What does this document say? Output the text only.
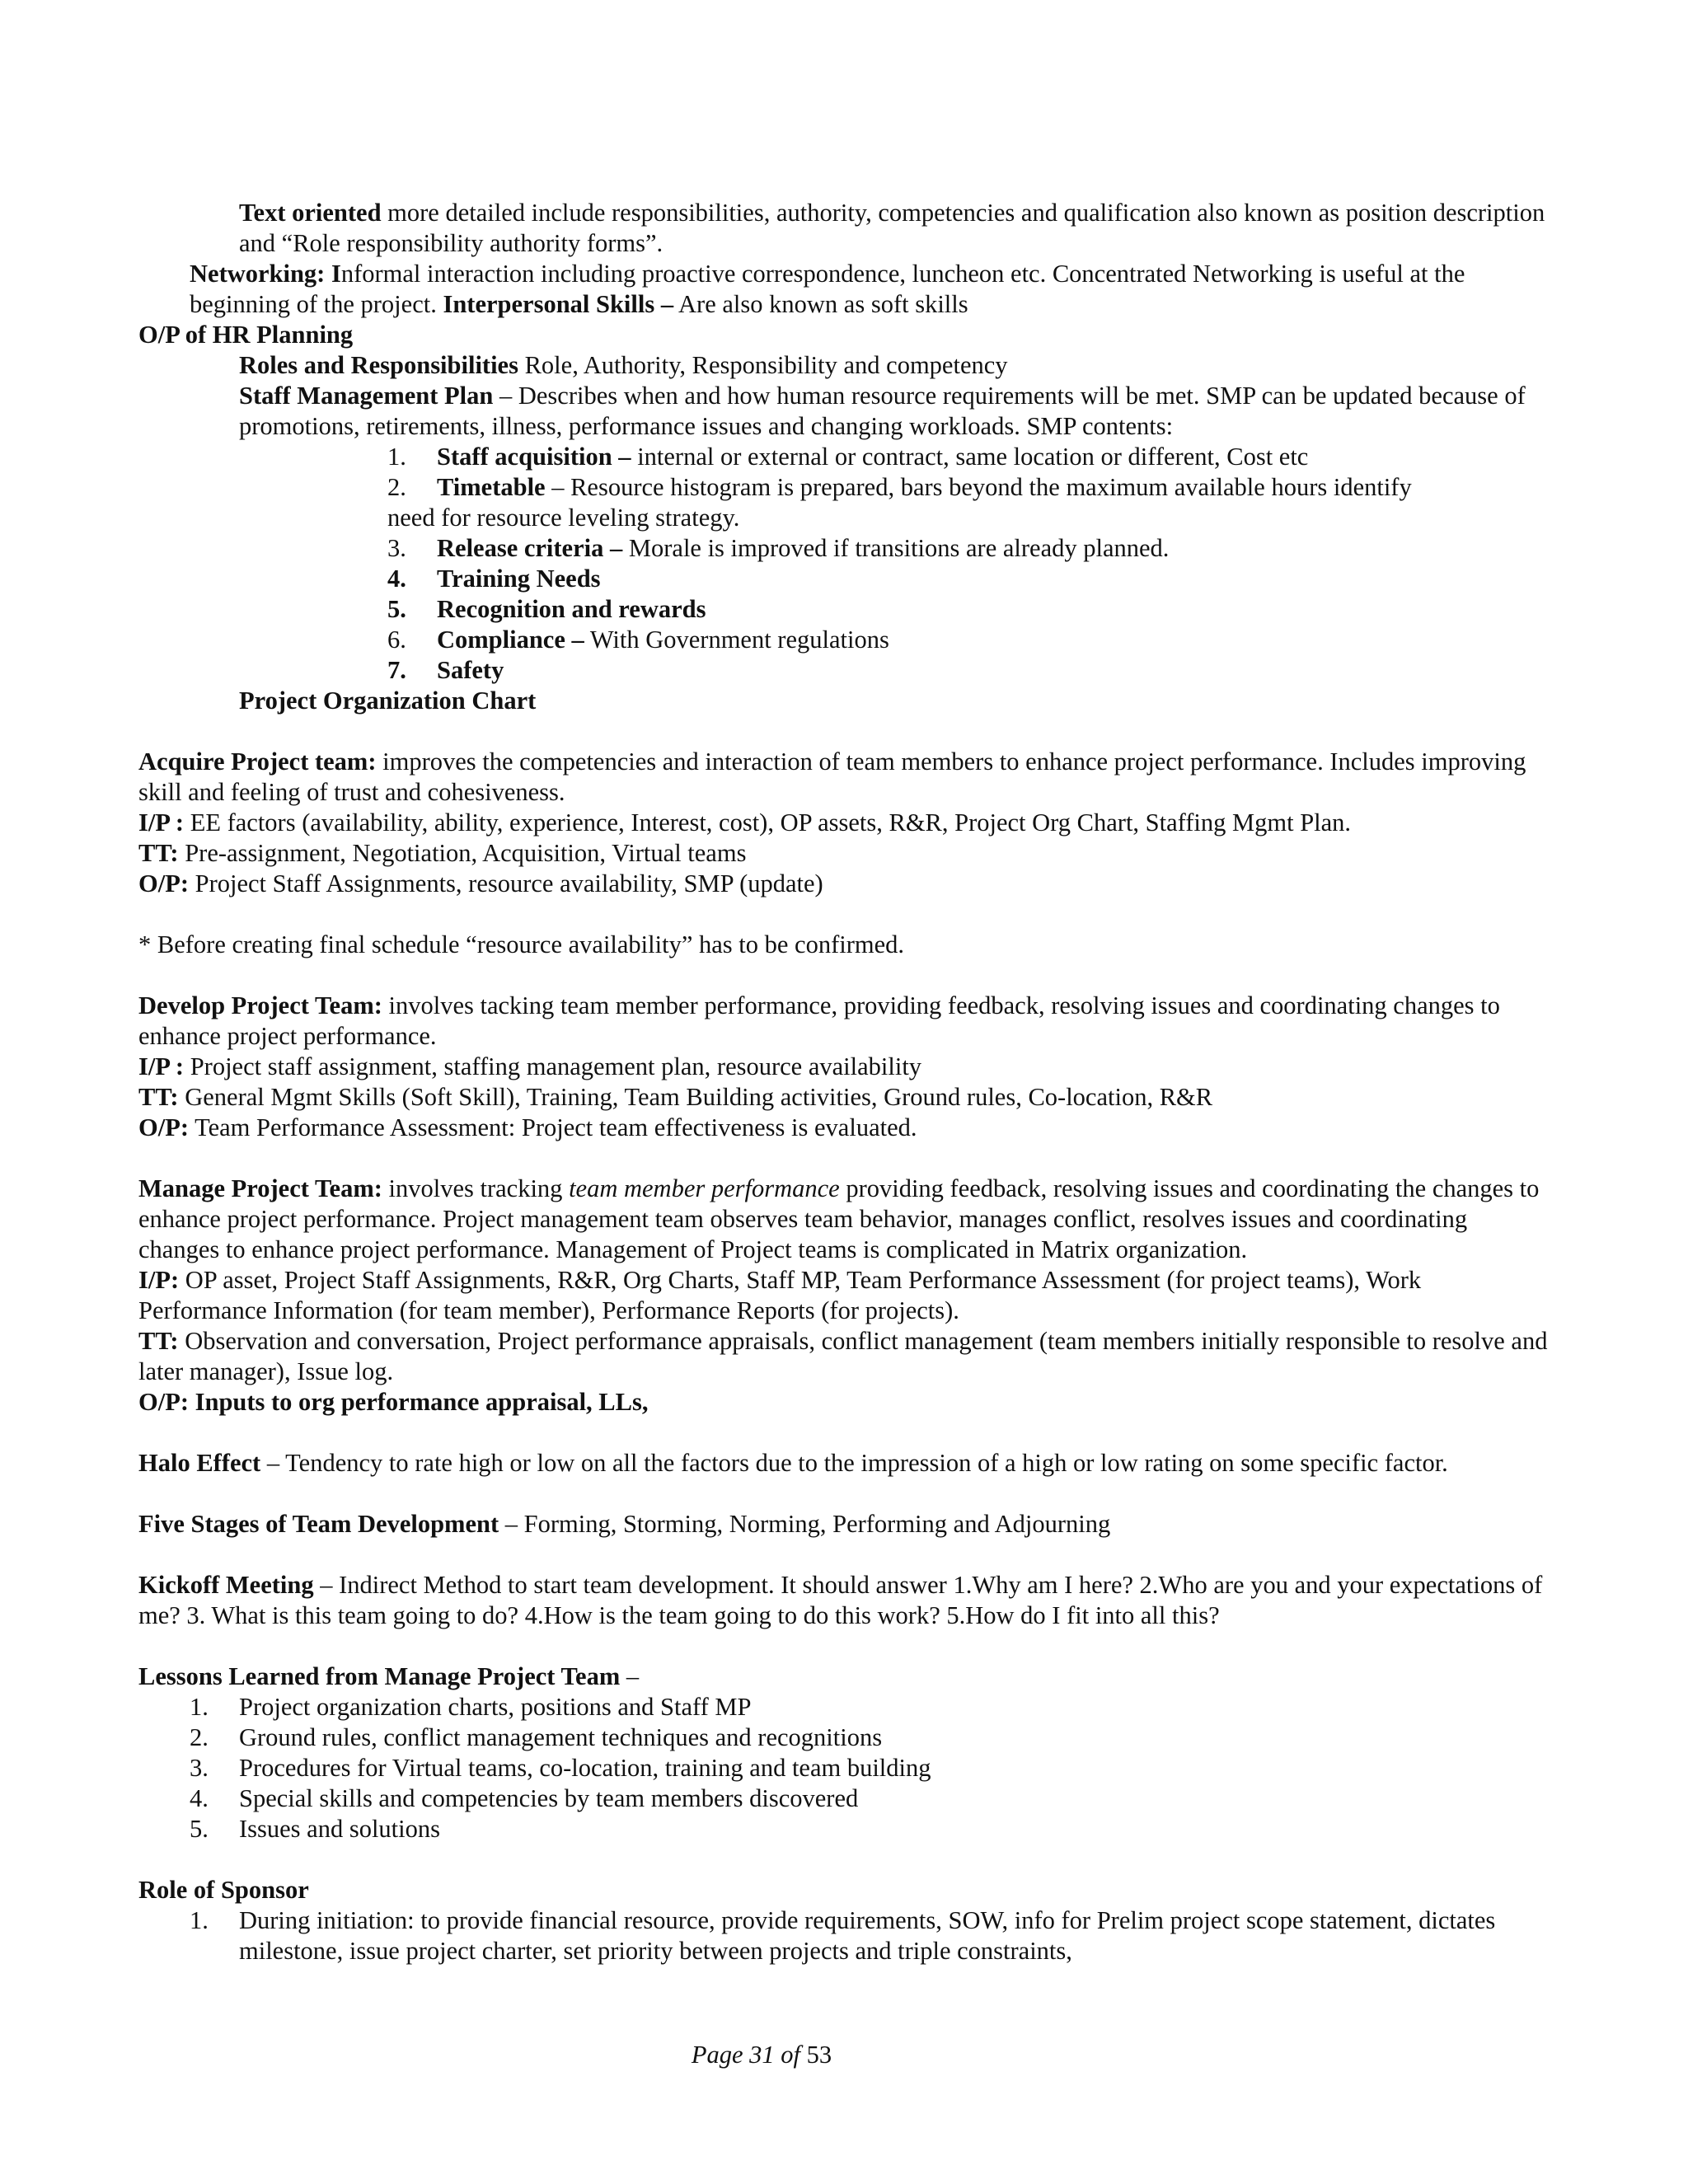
Text oriented more detailed include responsibilities, authority, competencies and qualification also known as position description and “Role responsibility authority forms”.

Networking: Informal interaction including proactive correspondence, luncheon etc. Concentrated Networking is useful at the beginning of the project. Interpersonal Skills – Are also known as soft skills

O/P of HR Planning

Roles and Responsibilities Role, Authority, Responsibility and competency

Staff Management Plan – Describes when and how human resource requirements will be met. SMP can be updated because of promotions, retirements, illness, performance issues and changing workloads. SMP contents:

1. Staff acquisition – internal or external or contract, same location or different, Cost etc

2. Timetable – Resource histogram is prepared, bars beyond the maximum available hours identify

need for resource leveling strategy.

3. Release criteria – Morale is improved if transitions are already planned.

4. Training Needs

5. Recognition and rewards

6. Compliance – With Government regulations

7. Safety

Project Organization Chart

Acquire Project team: improves the competencies and interaction of team members to enhance project performance. Includes improving skill and feeling of trust and cohesiveness.

I/P : EE factors (availability, ability, experience, Interest, cost), OP assets, R&R, Project Org Chart, Staffing Mgmt Plan.

TT: Pre-assignment, Negotiation, Acquisition, Virtual teams

O/P: Project Staff Assignments, resource availability, SMP (update)

* Before creating final schedule “resource availability” has to be confirmed.

Develop Project Team: involves tacking team member performance, providing feedback, resolving issues and coordinating changes to enhance project performance.

I/P : Project staff assignment, staffing management plan, resource availability

TT: General Mgmt Skills (Soft Skill), Training, Team Building activities, Ground rules, Co-location, R&R

O/P: Team Performance Assessment: Project team effectiveness is evaluated.

Manage Project Team: involves tracking team member performance providing feedback, resolving issues and coordinating the changes to enhance project performance. Project management team observes team behavior, manages conflict, resolves issues and coordinating changes to enhance project performance. Management of Project teams is complicated in Matrix organization.

I/P: OP asset, Project Staff Assignments, R&R, Org Charts, Staff MP, Team Performance Assessment (for project teams), Work Performance Information (for team member), Performance Reports (for projects).

TT: Observation and conversation, Project performance appraisals, conflict management (team members initially responsible to resolve and later manager), Issue log.

O/P: Inputs to org performance appraisal, LLs,

Halo Effect – Tendency to rate high or low on all the factors due to the impression of a high or low rating on some specific factor.

Five Stages of Team Development – Forming, Storming, Norming, Performing and Adjourning

Kickoff Meeting – Indirect Method to start team development. It should answer 1.Why am I here? 2.Who are you and your expectations of me? 3. What is this team going to do? 4.How is the team going to do this work? 5.How do I fit into all this?

Lessons Learned from Manage Project Team –

1. Project organization charts, positions and Staff MP

2. Ground rules, conflict management techniques and recognitions

3. Procedures for Virtual teams, co-location, training and team building

4. Special skills and competencies by team members discovered

5. Issues and solutions

Role of Sponsor

1. During initiation: to provide financial resource, provide requirements, SOW, info for Prelim project scope statement, dictates milestone, issue project charter, set priority between projects and triple constraints,

Page 31 of 53
